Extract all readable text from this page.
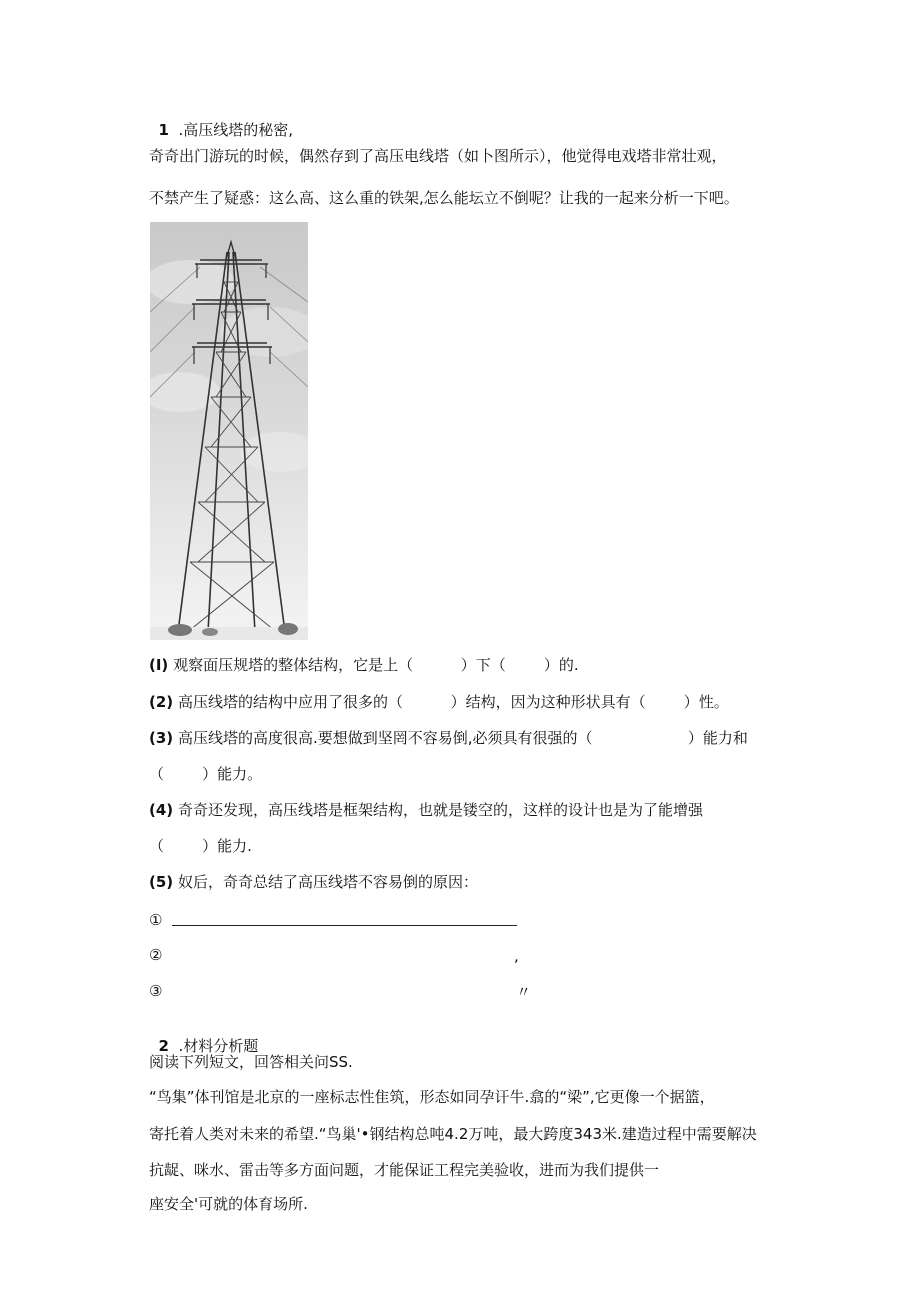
1 .高压线塔的秘密,

奇奇出门游玩的时候，偶然存到了高压电线塔（如卜图所示），他觉得电戏塔非常壮观，
不禁产生了疑惑：这么高、这么重的铁架,怎么能坛立不倒呢？让我的一起来分析一下吧。
(I) 观察面压规塔的整体结构，它是上（          ）下（        ）的.
(2) 高压线塔的结构中应用了很多的（          ）结构，因为这种形状具有（        ）性。
(3) 高压线塔的高度很高.要想做到坚罔不容易倒,必须具有很强的（                    ）能力和
（        ）能力。
(4) 奇奇还发现，高压线塔是框架结构，也就是镂空的，这样的设计也是为了能增强
（        ）能力.
(5) 奴后，奇奇总结了高压线塔不容易倒的原因：
①
②	,
③	〃

2 .材料分析题

阅读下列短文，回答相关问SS.
“鸟集”体刊馆是北京的一座标志性隹筑，形态如同孕讦牛.翕的“梁”,它更像一个据篮，
寄托着人类对未来的希望.“鸟巢'•钢结构总吨4.2万吨，最大跨度343米.建造过程中需要解决
抗龊、咪水、雷击等多方面问题，才能保证工程完美验收，进而为我们提供一
座安全'可就的体育场所.
